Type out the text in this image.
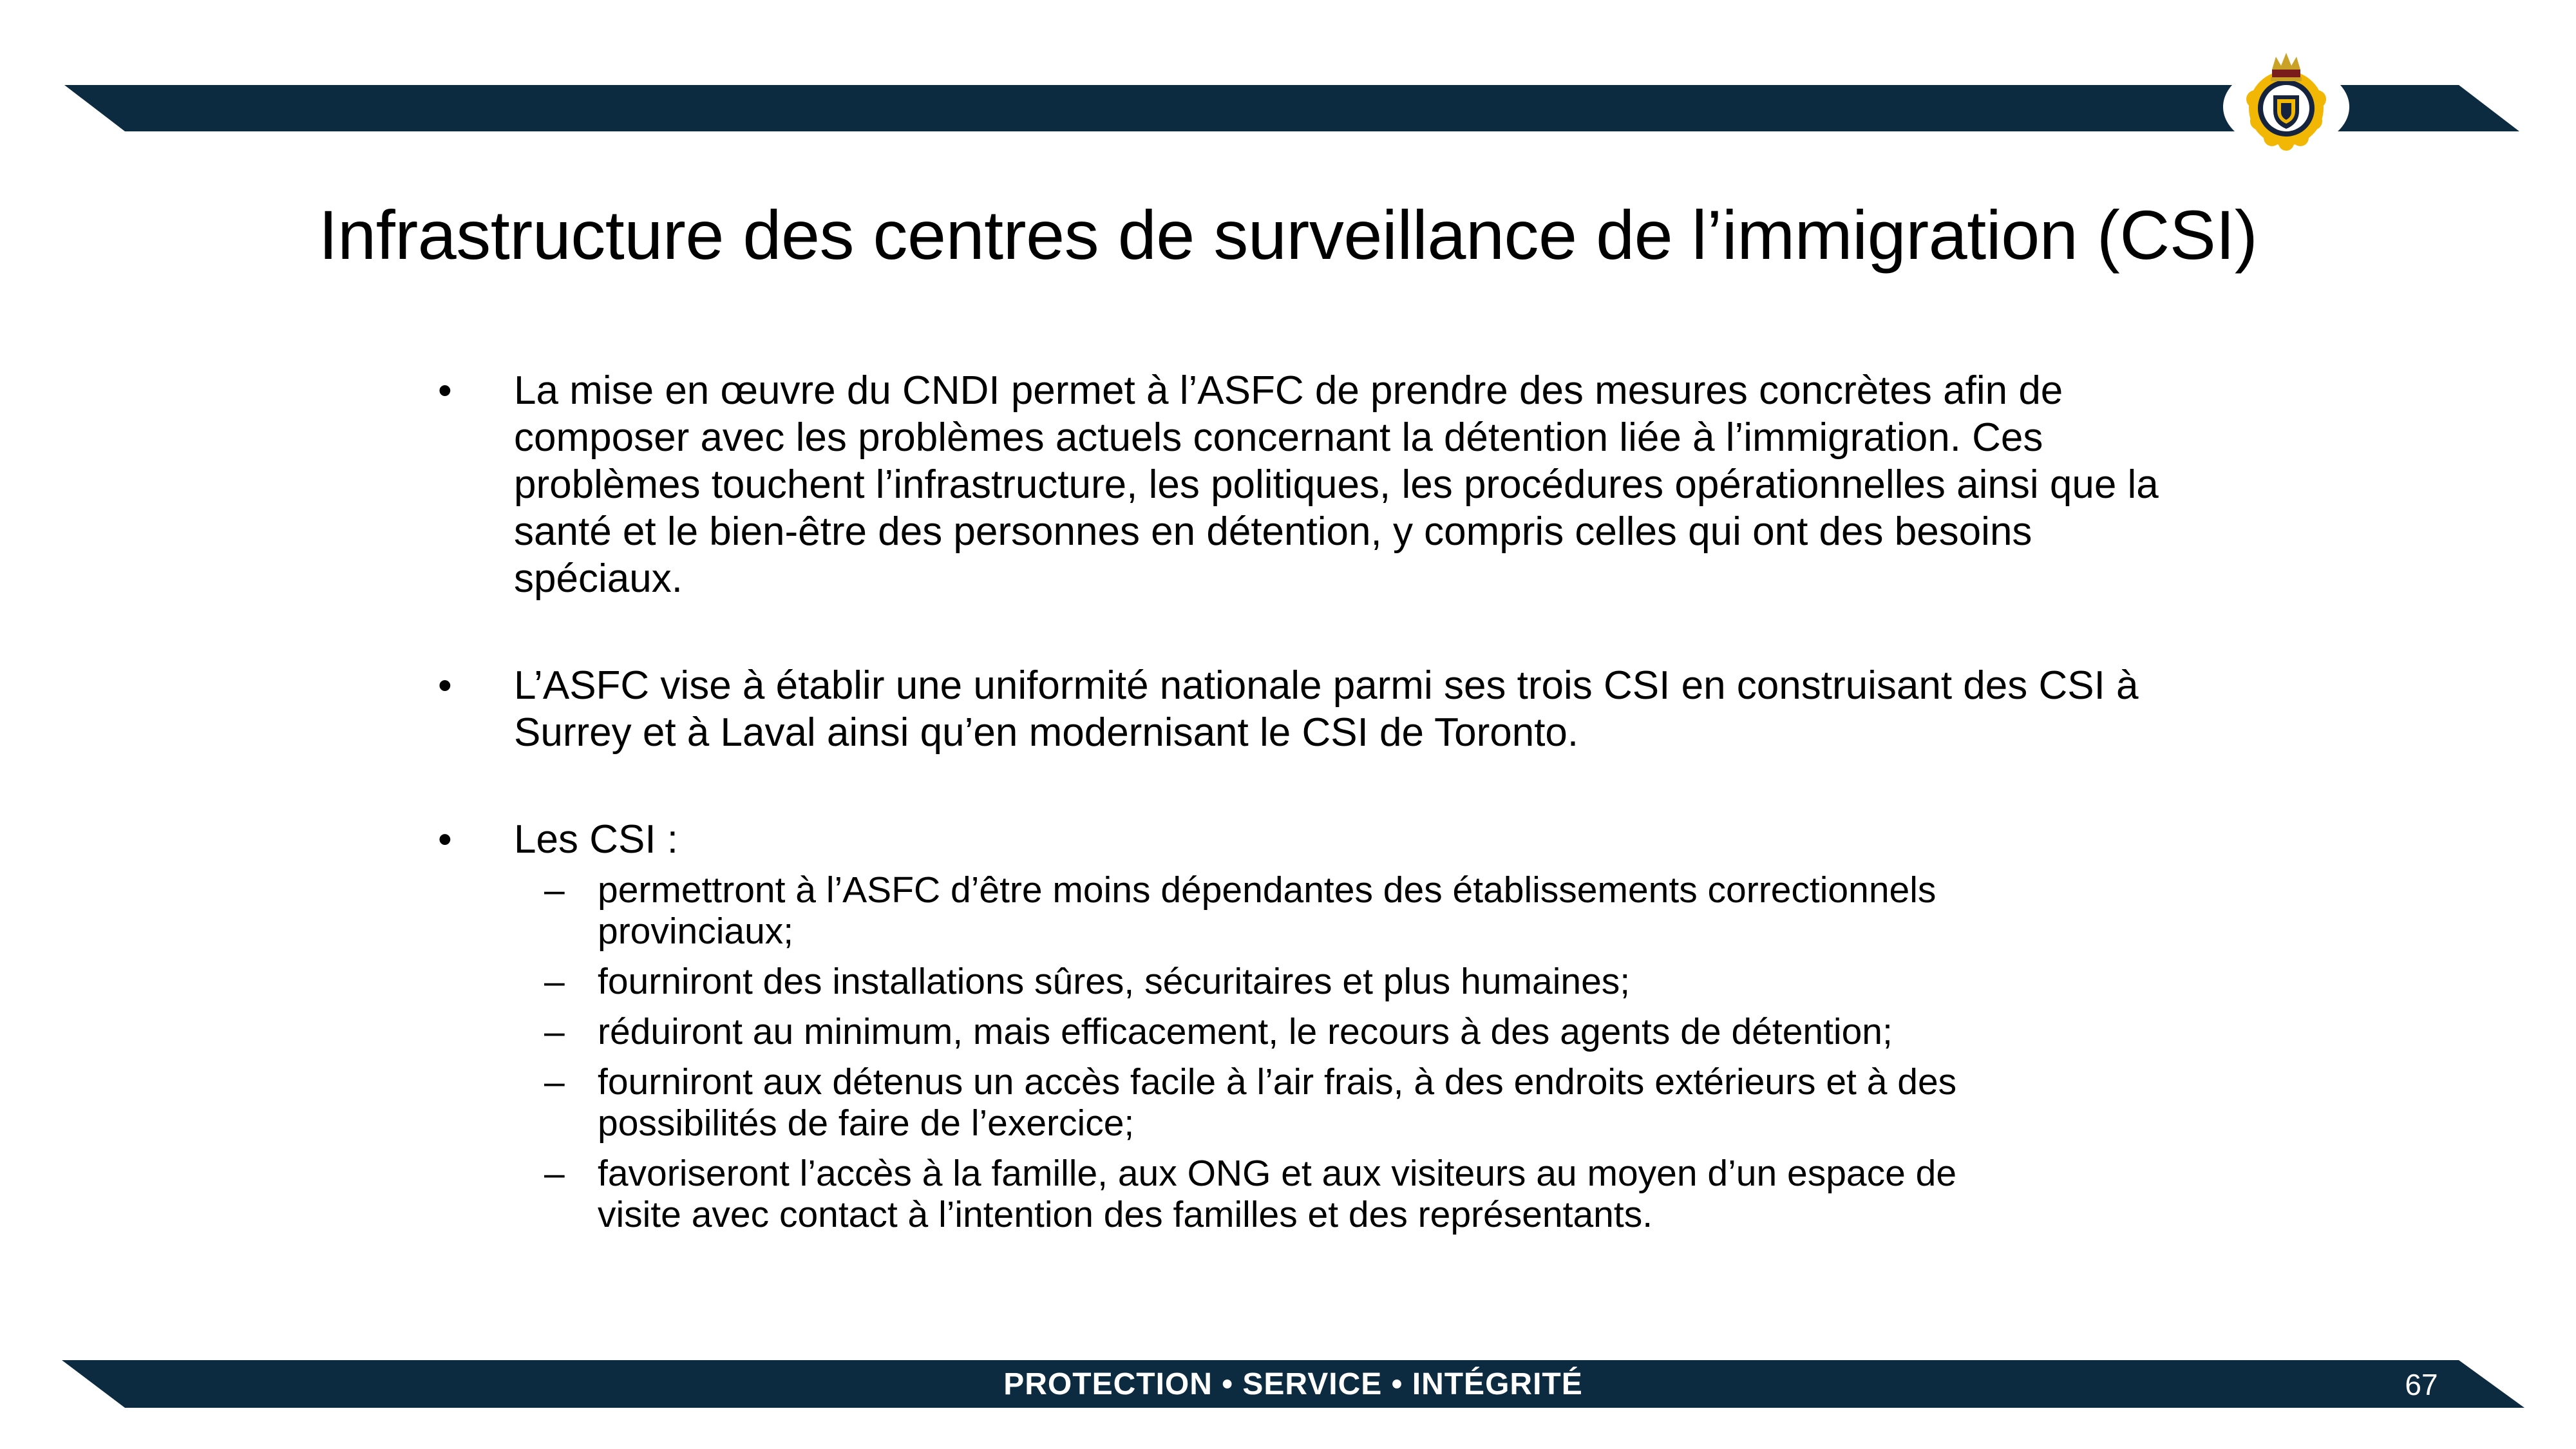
Infrastructure des centres de surveillance de l’immigration (CSI)
•	La mise en œuvre du CNDI permet à l’ASFC de prendre des mesures concrètes afin de composer avec les problèmes actuels concernant la détention liée à l’immigration. Ces problèmes touchent l’infrastructure, les politiques, les procédures opérationnelles ainsi que la santé et le bien-être des personnes en détention, y compris celles qui ont des besoins spéciaux.
•	L’ASFC vise à établir une uniformité nationale parmi ses trois CSI en construisant des CSI à Surrey et à Laval ainsi qu’en modernisant le CSI de Toronto.
•	Les CSI :
– permettront à l’ASFC d’être moins dépendantes des établissements correctionnels provinciaux;
– fourniront des installations sûres, sécuritaires et plus humaines;
– réduiront au minimum, mais efficacement, le recours à des agents de détention;
– fourniront aux détenus un accès facile à l’air frais, à des endroits extérieurs et à des possibilités de faire de l’exercice;
– favoriseront l’accès à la famille, aux ONG et aux visiteurs au moyen d’un espace de visite avec contact à l’intention des familles et des représentants.
PROTECTION • SERVICE • INTÉGRITÉ	67
